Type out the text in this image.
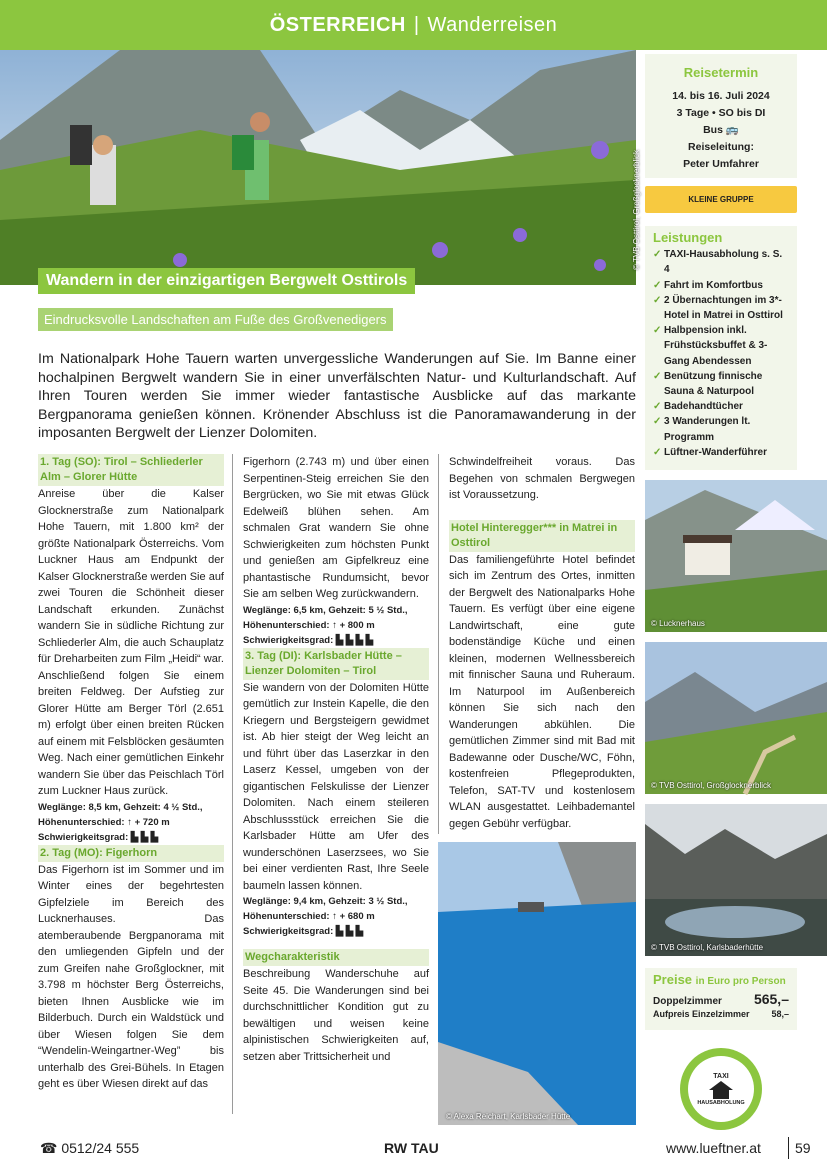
ÖSTERREICH | Wanderreisen
© TVB Osttirol, Großglocknerblick
Wandern in der einzigartigen Bergwelt Osttirols
Eindrucksvolle Landschaften am Fuße des Großvenedigers

Im Nationalpark Hohe Tauern warten unvergessliche Wanderungen auf Sie. Im Banne einer hochalpinen Bergwelt wandern Sie in einer unverfälschten Natur- und Kulturlandschaft. Auf Ihren Touren werden Sie immer wieder fantastische Ausblicke auf das markante Bergpanorama genießen können. Krönender Abschluss ist die Panoramawanderung in der imposanten Bergwelt der Lienzer Dolomiten.

1. Tag (SO): Tirol – Schliederler Alm – Glorer Hütte

Anreise über die Kalser Glocknerstraße zum Nationalpark Hohe Tauern, mit 1.800 km² der größte Nationalpark Österreichs. Vom Luckner Haus am Endpunkt der Kalser Glocknerstraße werden Sie auf zwei Touren die Schönheit dieser Landschaft erkunden. Zunächst wandern Sie in südliche Richtung zur Schliederler Alm, die auch Schauplatz für Dreharbeiten zum Film „Heidi“ war. Anschließend folgen Sie einem breiten Feldweg. Der Aufstieg zur Glorer Hütte am Berger Törl (2.651 m) erfolgt über einen breiten Rücken auf einem mit Felsblöcken gesäumten Weg. Nach einer gemütlichen Einkehr wandern Sie über das Peischlach Törl zum Luckner Haus zurück.

Weglänge: 8,5 km, Gehzeit: 4 ½ Std.,
Höhenunterschied: ↑ + 720 m
Schwierigkeitsgrad: ▙ ▙ ▙
2. Tag (MO): Figerhorn

Das Figerhorn ist im Sommer und im Winter eines der begehrtesten Gipfelziele im Bereich des Lucknerhauses. Das atemberaubende Bergpanorama mit den umliegenden Gipfeln und der zum Greifen nahe Großglockner, mit 3.798 m höchster Berg Österreichs, bieten Ihnen Ausblicke wie im Bilderbuch. Durch ein Waldstück und über Wiesen folgen Sie dem “Wendelin-Weingartner-Weg” bis unterhalb des Grei-Bühels. In Etagen geht es über Wiesen direkt auf das

Figerhorn (2.743 m) und über einen Serpentinen-Steig erreichen Sie den Bergrücken, wo Sie mit etwas Glück Edelweiß blühen sehen. Am schmalen Grat wandern Sie ohne Schwierigkeiten zum höchsten Punkt und genießen am Gipfelkreuz eine phantastische Rundumsicht, bevor Sie am selben Weg zurückwandern.

Weglänge: 6,5 km, Gehzeit: 5 ½ Std.,
Höhenunterschied: ↑ + 800 m
Schwierigkeitsgrad: ▙ ▙ ▙ ▙
3. Tag (DI): Karlsbader Hütte – Lienzer Dolomiten – Tirol

Sie wandern von der Dolomiten Hütte gemütlich zur Instein Kapelle, die den Kriegern und Bergsteigern gewidmet ist. Ab hier steigt der Weg leicht an und führt über das Laserzkar in den Laserz Kessel, umgeben von der gigantischen Felskulisse der Lienzer Dolomiten. Nach einem steileren Abschlussstück erreichen Sie die Karlsbader Hütte am Ufer des wunderschönen Laserzsees, wo Sie bei einer verdienten Rast, Ihre Seele baumeln lassen können.

Weglänge: 9,4 km, Gehzeit: 3 ½ Std.,
Höhenunterschied: ↑ + 680 m
Schwierigkeitsgrad: ▙ ▙ ▙
Wegcharakteristik

Beschreibung Wanderschuhe auf Seite 45. Die Wanderungen sind bei durchschnittlicher Kondition gut zu bewältigen und weisen keine alpinistischen Schwierigkeiten auf, setzen aber Trittsicherheit und

Schwindelfreiheit voraus. Das Begehen von schmalen Bergwegen ist Voraussetzung.

Hotel Hinteregger*** in Matrei in Osttirol

Das familiengeführte Hotel befindet sich im Zentrum des Ortes, inmitten der Bergwelt des Nationalparks Hohe Tauern. Es verfügt über eine eigene Landwirtschaft, eine gute bodenständige Küche und einen kleinen, modernen Wellnessbereich mit finnischer Sauna und Ruheraum. Im Naturpool im Außenbereich können Sie sich nach den Wanderungen abkühlen. Die gemütlichen Zimmer sind mit Bad mit Badewanne oder Dusche/WC, Föhn, kostenfreien Pflegeprodukten, Telefon, SAT-TV und kostenlosem WLAN ausgestattet. Leihbademantel gegen Gebühr verfügbar.

© Alexa Reichart, Karlsbader Hütte
Reisetermin
14. bis 16. Juli 2024
3 Tage • SO bis DI
Bus 🚌
Reiseleitung:
Peter Umfahrer
KLEINE GRUPPE
Leistungen
✓ TAXI-Hausabholung s. S. 4
✓ Fahrt im Komfortbus
✓ 2 Übernachtungen im 3*-Hotel in Matrei in Osttirol
✓ Halbpension inkl. Frühstücksbuffet & 3-Gang Abendessen
✓ Benützung finnische Sauna & Naturpool
✓ Badehandtücher
✓ 3 Wanderungen lt. Programm
✓ Lüftner-Wanderführer
© Lucknerhaus
© TVB Osttirol, Großglocknerblick
© TVB Osttirol, Karlsbaderhütte
Preise in Euro pro Person
Doppelzimmer 565,–
Aufpreis Einzelzimmer 58,–
TAXI
HAUSABHOLUNG
☎ 0512/24 555	RW TAU	www.lueftner.at 59
